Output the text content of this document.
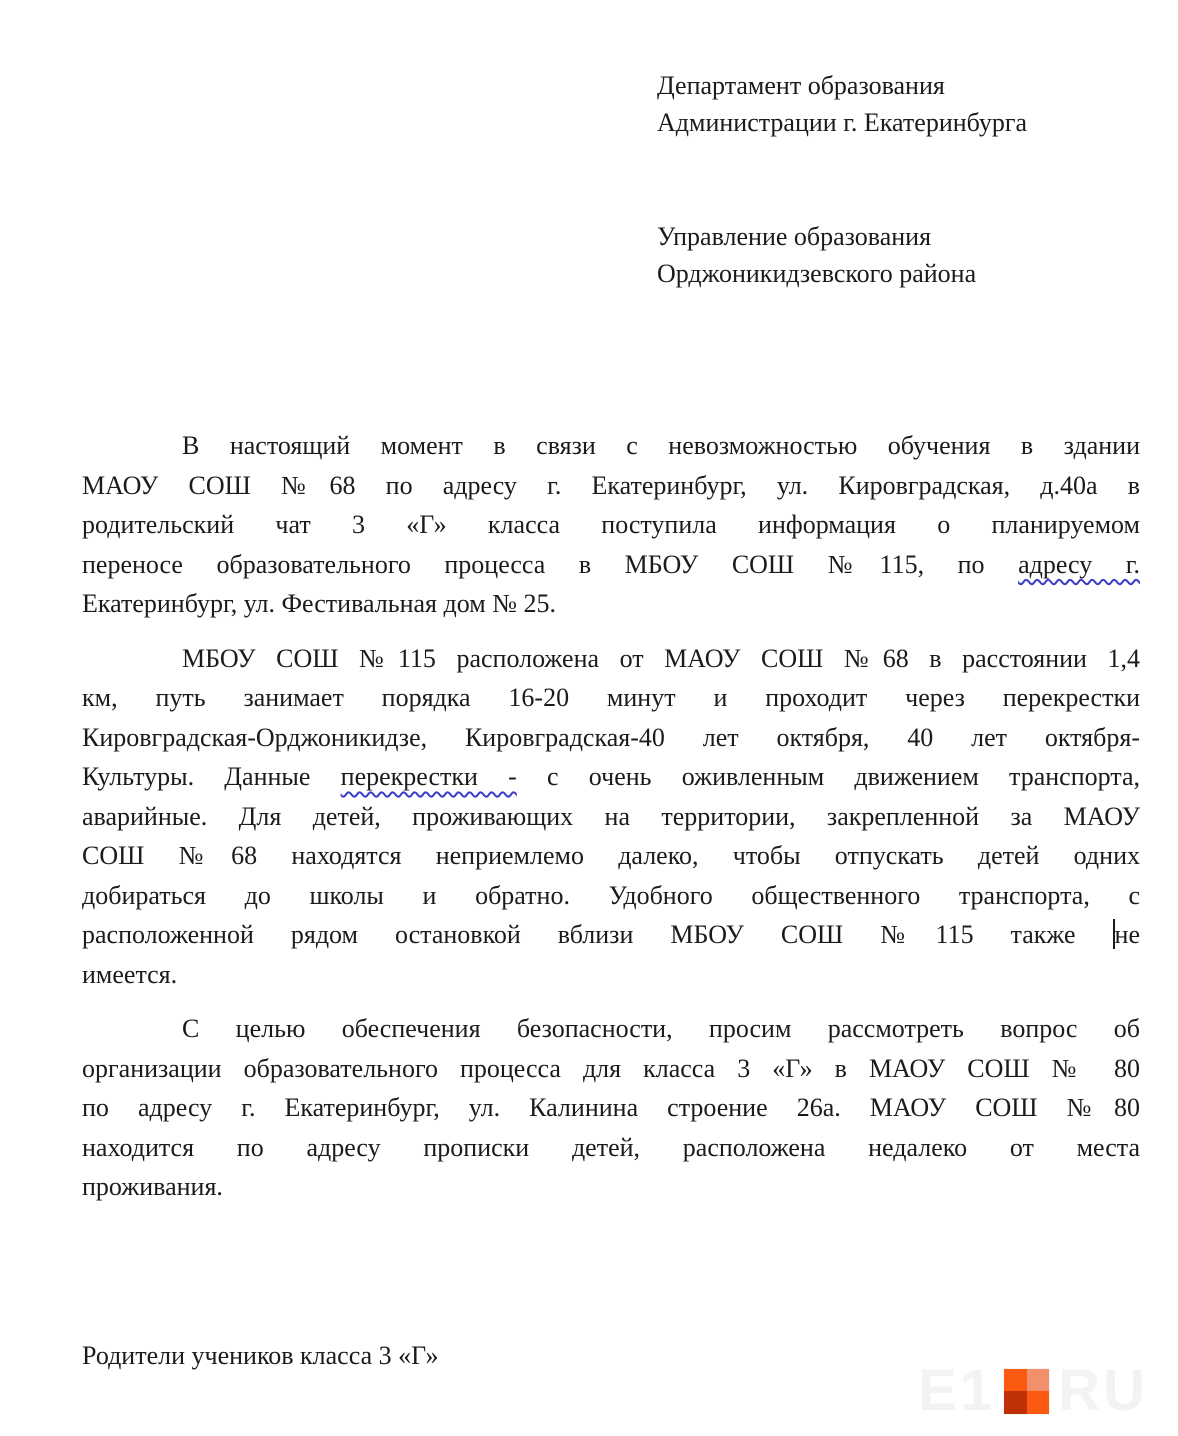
Департамент образования
Администрации г. Екатеринбурга
Управление образования
Орджоникидзевского района
В настоящий момент в связи с невозможностью обучения в здании
МАОУ СОШ №68 по адресу г. Екатеринбург, ул. Кировградская, д.40а в
родительский чат 3 «Г» класса поступила информация о планируемом
переносе образовательного процесса в МБОУ СОШ №115, по адресу г.
Екатеринбург, ул. Фестивальная дом № 25.
МБОУ СОШ №115 расположена от МАОУ СОШ №68 в расстоянии 1,4
км, путь занимает порядка 16-20 минут и проходит через перекрестки
Кировградская-Орджоникидзе, Кировградская-40 лет октября, 40 лет октября-
Культуры. Данные перекрестки - с очень оживленным движением транспорта,
аварийные. Для детей, проживающих на территории, закрепленной за МАОУ
СОШ №68 находятся неприемлемо далеко, чтобы отпускать детей одних
добираться до школы и обратно. Удобного общественного транспорта, с
расположенной рядом остановкой вблизи МБОУ СОШ №115 также не
имеется.
С целью обеспечения безопасности, просим рассмотреть вопрос об
организации образовательного процесса для класса 3 «Г» в МАОУ СОШ № 80
по адресу г. Екатеринбург, ул. Калинина строение 26а. МАОУ СОШ №80
находится по адресу прописки детей, расположена недалеко от места
проживания.
Родители учеников класса 3 «Г»
E1 RU
